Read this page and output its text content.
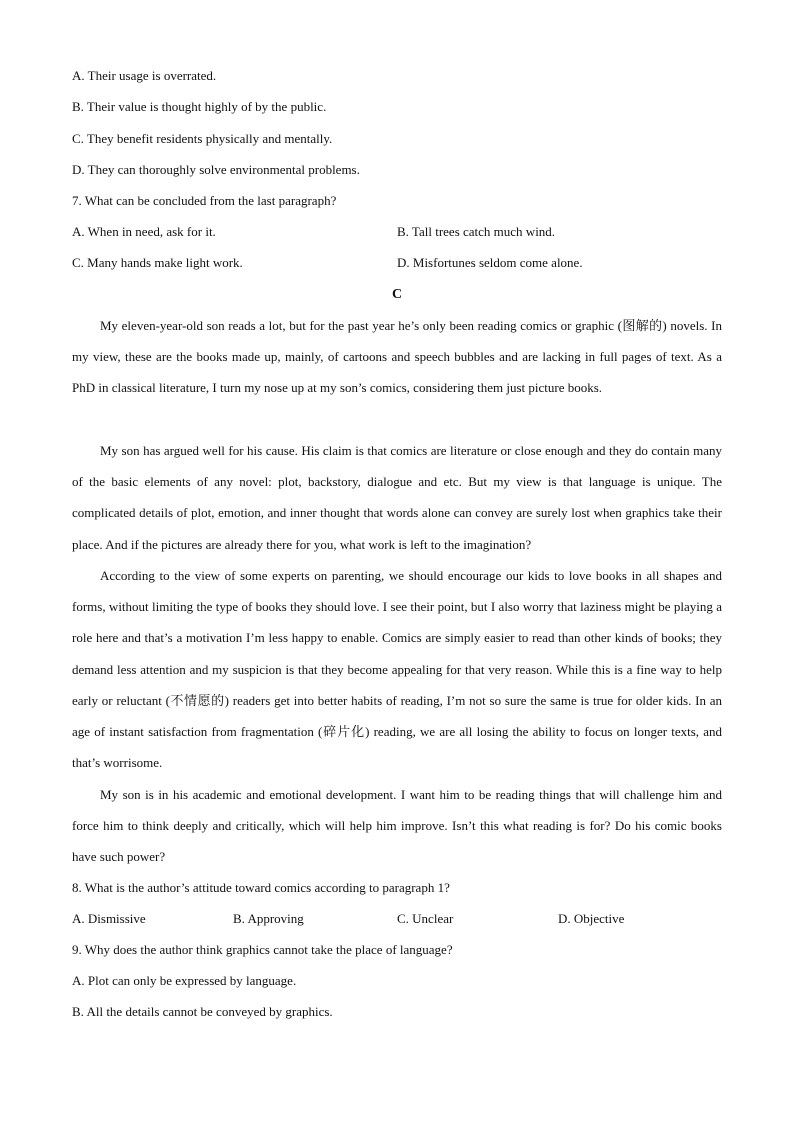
A. Their usage is overrated.
B. Their value is thought highly of by the public.
C. They benefit residents physically and mentally.
D. They can thoroughly solve environmental problems.
7. What can be concluded from the last paragraph?
A. When in need, ask for it.	B. Tall trees catch much wind.
C. Many hands make light work.	D. Misfortunes seldom come alone.
C
My eleven-year-old son reads a lot, but for the past year he’s only been reading comics or graphic (图解的) novels. In my view, these are the books made up, mainly, of cartoons and speech bubbles and are lacking in full pages of text. As a PhD in classical literature, I turn my nose up at my son’s comics, considering them just picture books.
My son has argued well for his cause. His claim is that comics are literature or close enough and they do contain many of the basic elements of any novel: plot, backstory, dialogue and etc. But my view is that language is unique. The complicated details of plot, emotion, and inner thought that words alone can convey are surely lost when graphics take their place. And if the pictures are already there for you, what work is left to the imagination?
According to the view of some experts on parenting, we should encourage our kids to love books in all shapes and forms, without limiting the type of books they should love. I see their point, but I also worry that laziness might be playing a role here and that’s a motivation I’m less happy to enable. Comics are simply easier to read than other kinds of books; they demand less attention and my suspicion is that they become appealing for that very reason. While this is a fine way to help early or reluctant (不情愿的) readers get into better habits of reading, I’m not so sure the same is true for older kids. In an age of instant satisfaction from fragmentation (碎片化) reading, we are all losing the ability to focus on longer texts, and that’s worrisome.
My son is in his academic and emotional development. I want him to be reading things that will challenge him and force him to think deeply and critically, which will help him improve. Isn’t this what reading is for? Do his comic books have such power?
8. What is the author’s attitude toward comics according to paragraph 1?
A. Dismissive	B. Approving	C. Unclear	D. Objective
9. Why does the author think graphics cannot take the place of language?
A. Plot can only be expressed by language.
B. All the details cannot be conveyed by graphics.
